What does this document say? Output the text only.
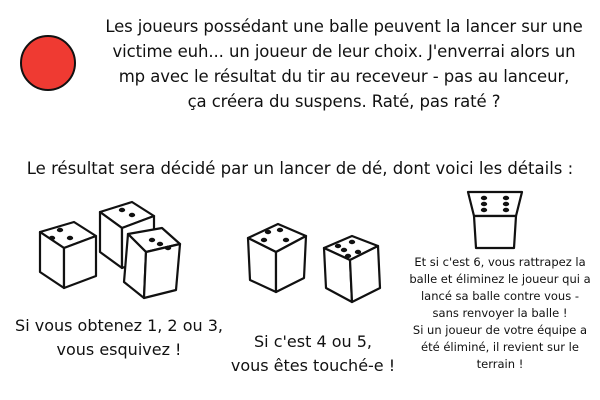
Les joueurs possédant une balle peuvent la lancer sur une
victime euh... un joueur de leur choix. J'enverrai alors un
mp avec le résultat du tir au receveur - pas au lanceur,
ça créera du suspens. Raté, pas raté ?
Le résultat sera décidé par un lancer de dé, dont voici les détails :
Si vous obtenez 1, 2 ou 3,
vous esquivez !	Si c'est 4 ou 5,
vous êtes touché-e !
Et si c'est 6, vous rattrapez la
balle et éliminez le joueur qui a
lancé sa balle contre vous -
sans renvoyer la balle !
Si un joueur de votre équipe a
été éliminé, il revient sur le
terrain !
